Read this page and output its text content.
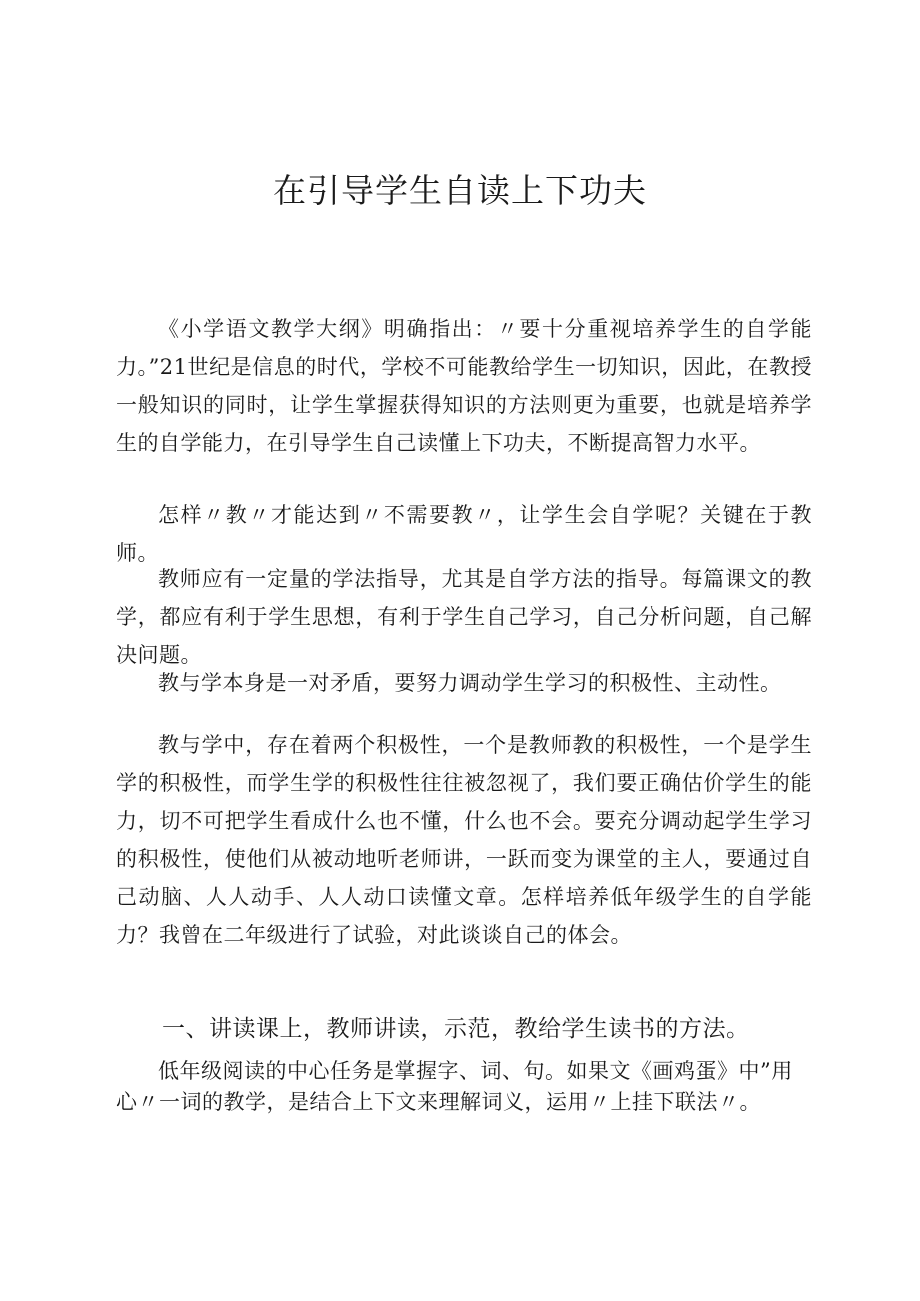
在引导学生自读上下功夫

《小学语文教学大纲》明确指出：〃要十分重视培养学生的自学能力。”21世纪是信息的时代，学校不可能教给学生一切知识，因此，在教授一般知识的同时，让学生掌握获得知识的方法则更为重要，也就是培养学生的自学能力，在引导学生自己读懂上下功夫，不断提高智力水平。

怎样〃教〃才能达到〃不需要教〃，让学生会自学呢？关键在于教师。

教师应有一定量的学法指导，尤其是自学方法的指导。每篇课文的教学，都应有利于学生思想，有利于学生自己学习，自己分析问题，自己解决问题。

教与学本身是一对矛盾，要努力调动学生学习的积极性、主动性。

教与学中，存在着两个积极性，一个是教师教的积极性，一个是学生学的积极性，而学生学的积极性往往被忽视了，我们要正确估价学生的能力，切不可把学生看成什么也不懂，什么也不会。要充分调动起学生学习的积极性，使他们从被动地听老师讲，一跃而变为课堂的主人，要通过自己动脑、人人动手、人人动口读懂文章。怎样培养低年级学生的自学能力？我曾在二年级进行了试验，对此谈谈自己的体会。

一、讲读课上，教师讲读，示范，教给学生读书的方法。

低年级阅读的中心任务是掌握字、词、句。如果文《画鸡蛋》中”用心〃一词的教学，是结合上下文来理解词义，运用〃上挂下联法〃。
